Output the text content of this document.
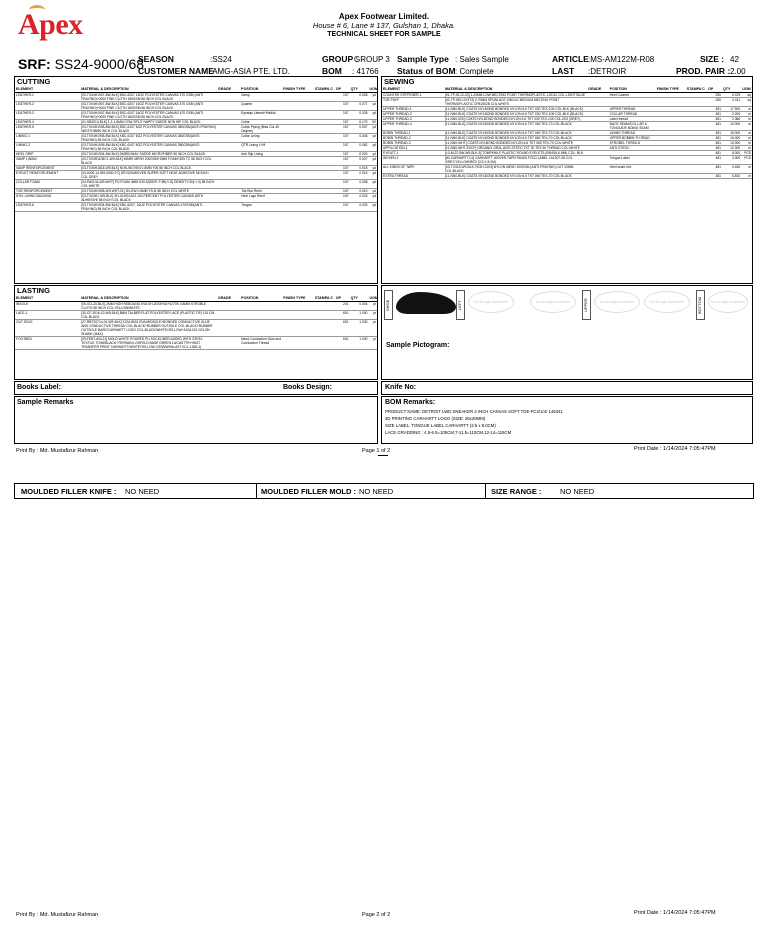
Apex	Apex Footwear Limited.
House # 6, Lane # 137, Gulshan 1, Dhaka.
TECHNICAL SHEET FOR SAMPLE
SRF: SS24-9000/68
SEASON	:SS24
CUSTOMER NAME
:AMG-ASIA PTE. LTD.
GROUP :
GROUP 3
BOM : 41766
Sample Type : Sales Sample
Status of BOM : Complete
ARTICLE :MS-AM122M-R08
LAST :DETROIR
SIZE : 42
PROD. PAIR : 2.00
CUTTING
ELEMENT	MATERIAL & DESCRIPTION	GRADE	POSITION	FINISH TYPE	STAMPA C	OP	QTY	UOM
LEATHER-1	[03-TX04H1907-8W-BLK] BSC-6207 16OZ POLYESTER CANVAS 470 GSM (ANTI FRAYING)+0000 FINE CLOTH 180GSM 56 INCH COL BLACK		Vamp			157	0.028	yd
LEATHER-2	[03-TX04H1907-8W-BLK] BSC-6207 16OZ POLYESTER CANVAS 470 GSM (ANTI FRAYING)+0000 FINE CLOTH 180GSM 56 INCH COL BLACK		Quarter			157	0.077	yd
LEATHER-3	[03-TX04H1907-8W-BLK] BSC-6207 16OZ POLYESTER CANVAS 470 GSM (ANTI FRAYING)+0000 FINE CLOTH 180GSM 56 INCH COL BLACK		Eyestay Lateral+Medial			157	0.028	yd
LEATHER-4	[01-SB2013-BLK] 1.2-1.6MM COW SPLIT NAPPY SUEDE NON WP COL BLACK		Collar			157	0.170	ft2
LEATHER-5	[03-TX04H1908-8W-BLK] BSC-6107 6OZ POLYESTER CANVAS 380GSM(ANTI-FRAYING) WIDTH:58/60 INCH COL BLACK		Collar Piping (Bias Cut 45 Degree)			157	0.007	yd
LINING-1	[03-TX04H1905-8W-BLK] KBC-6107 6OZ POLYESTER CANVAS 380GSM(ANTI- FRAYING) 56 INCH COL BLACK		Collar Lining			157	0.046	yd
LINING-2	[03-TX04H1905-8W-BLK] KBC-6107 6OZ POLYESTER CANVAS 380GSM(ANTI- FRAYING) 56 INCH COL BLACK		QTR Lining L+M			157	0.062	yd
HEEL GRIP	[03-TX04H1934-8W-BLK] DMR6194AY SUEDE MICROFIBER 56 INCH COL BLACK		Anti Slip Lining			157	0.020	yd
VAMP LINING	[03-TX03H1105C1-W9-BLK] WARK MESH 200GSM+2MM FOAM+305 TC 58 INCH COL BLACK					157	0.027	yd
VAMP REINFORCEMENT	[03-TX05H1618-W9-BLK] NON-WOVEN 0.8MM Y08 58 INCH COL BLACK					157	0.018	yd
EYELET REINFORCEMENT	[03-0000-14-W9-0000-FC] DR NONWOVEN SUPER SOFT HEAT ADHESIVE 58 INCH COL GREY					157	0.015	yd
COLLAR FOAM	[04-PA0134-W9-WHT] PU FOAM 4MM K30 ASKER: F:85(+/-5) DENSITY:30(+/-3) 58 INCH COL WHITE					157	0.008	yd
TOE REINFORCEMENT	[03-TX04H1908-W9-WHT-01] 2N-GW 0.6MM YS-N 58 INCH COL WHITE		Toe Box Reinf			157	0.010	yd
SYN. LINING BACKING	[03-TX03H1-W9-BLK] SH-0120N 62Z 100 PERCENT POLYESTER CANVAS WITH ADHESIVE 58 INCH COL BLACK		Heel Logo Reinf			157	0.003	yd
LEATHER-6	[03-TX04H1934-8W-BLK] KBC-6207, 16OZ POLYESTER CANVAS 470GSM(ANTI-FRAYING) 58 INCH COL BLACK		Tongue			157	0.033	yd
LASTING
ELEMENT	MATERIAL & DESCRIPTION	GRADE	POSITION	FINISH TYPE	STAMPA C	OP	QTY	UOM
INSOLE	[05-IG1-20-BLK] 2MM HIGH REBOUND EVA SH-20S5+0A+0270S 0.8MM STROBLE CLOTH 58 INCH COL YELLOW/WHITE					201	0.004	pr
LACE-1	[30-CF-3016-13-W9-BLK] 8MM TALBER FLAT POLYESTER LACE (PLASTIC TIP) 110 CM COL BLACK					601	1.000	pr
OUT SOLE	[27-RBT20714-01-W9-BLK] KCM-8001 EVA MIDSOLE+BONDED CONDUCTIVE GLUE AND CONDUCTIVE THREAD COL-BLACK+RUBBER OUTSOLE COL-BLACK+RUBBER OUTSOLE BASE/CARHARTT LOGO COL-BLACK/WHITE/YELLOW+ACM-021 NYLON SHANK (MAX)					601	1.000	pr
FOOTBED	[09-FEB7-604-11] MOLD WHITE POURED PU SOCKLINER ADDED WITH STEEL TEXTILE TOWEBLACK+TERRAIN LOHFELD BASE GREEN 14/CASTTR+HEAT TRANSFER PRINT CARHARTT/WHITE/YELLOW CSSB/WHALAST KCL-1265-1)		Need Conduction Glue and Conduction Thread			601	1.000	pr
SEWING
ELEMENT	MATERIAL & DESCRIPTION	GRADE	POSITION	FINISH TYPE	STAMPA C	OP	QTY	UOM
COUNTER STIFFENER-1	[01-TP-W-12-03] 1.20MM LOW MELTING POINT THERMOPLASTIC LGD12 COL:LIGHT BLUE		Heel Counter			250	0.019	sq
TOE PUFF	[02-TP-W9-1074T2] 0.70MM SPUNLACE SINGLE MEDIUM MELTING POINT THERMOPLASTIC CP81502B COL:WHITE					250	0.011	sq
UPPER THREAD-1	[11-NN0-BLK] COATS NYLBOND BONDED NYLON 6.6 TKT 030 TEX-105 COL:BLK (BLACK)		UPPER THREAD			481	17.500	m
UPPER THREAD-2	[11-NN0-BLK] COATS NYLBOND BONDED NYLON 6.6 TKT 030 TEX-105 COL:BLK (BLACK)		COLLAR THREAD			481	2.200	m
UPPER THREAD-3	[11-NN0-003] COATS NYLBOND BONDED NYLON 6.6 TKT 030 TEX-105 COL-003 (GREY)		Label thread			481	2.366	m
UPPER THREAD-4	[11-NN0-BLK] COATS NYLBOND BONDED NYLON 6.6 TKT 060 TEX-70 COL:BLACK		BACK SEAM/COL LAR & TONGUE/E BOING SEAM			481	10.000	m
BOBIN THREAD-1	[11-NN0-BLK] COATS NYLBOND BONDED NYLON 6.6 TKT 060 TEX-70 COL:BLACK		LINING THREAD			481	16.000	m
BOBIN THREAD-2	[11-NN0-BLK] COATS NYLBOND BONDED NYLON 6.6 TKT 060 TEX-70 COL:BLACK		UPPER BOBBIN TH READ			481	16.000	m
BOBIN THREAD-3	[11-NN0-WHT] COATS NYLBOND BONDED NYLON 6.6 TKT 060 TEX-70 COL:WHITE		STROBEL THREA D			481	13.000	m
APPLICATION-1	[11-NN0-WHT-EXCF] ORGANIX GRAL ANTI-STATIC TKT 30 TEX 90 THREAD COL:WHITE		ANTI-STATIC			481	12.000	m
EYELET-1	[10-M-22-5W-W9-BLK-5] TOMPKHILF PLASTIC ROUND EYELETS (BR4S6-6 MM) COL: BLK					481	8.000	PCS
WOVEN-1	[80-CARHARTT-01] CARHARTT WOVEN TAPE/TANKS FOLD LABEL LA1207-08 COL GREY/YELLOW/RED (3.5 X 8.0M)		Tongue Label			481	2.000	PCS
ALL KINDS OF TAPE	[03-TX415-W9-BLK-YE3H-2103] NYLON MESH 100GSM (ANTI-FRAYING) CUT 10MM COL:BLACK		Heel seam reit.			481	0.180	m
EXTRA THREAD	[11-NN0-BLK] COATS NYLBOND BONDED NYLON 6.6 TKT 060 TEX-70 COL:BLACK					481	6.810	m
SHOE	LEFT	No Image Available	No Image Available	UPPER	No Image Available	No Image Available	BOTTOM	No Image Available
Sample Pictogram:
Books Label:	Books Design:	Knife No:
Sample Remarks	BOM Remarks:
PRODUCT NAME: DETROIT LWD SNEAKER 3 INCH CANVAS SOFT TOE-FC2/1/4/ 146341
3D PRINTING CARHARTT LOGO (SIZE: 25x20MM)
SIZE LABEL: TONGUE LABEL CARHARTT (3.5 x 8.0CM)
LACE GRADDING : 4.5-6.5=105CM,7-11.5=110CM,12-14=115CM
Print By : Md. Mustafizur Rahman	Page 1 of 2	Print Date : 1/14/2024 7:05:47PM
MOULDED FILLER KNIFE : NO NEED	MOULDED FILLER MOLD : NO NEED	SIZE RANGE : NO NEED
Print By : Md. Mustafizur Rahman	Page 2 of 2	Print Date : 1/14/2024 7:05:47PM
